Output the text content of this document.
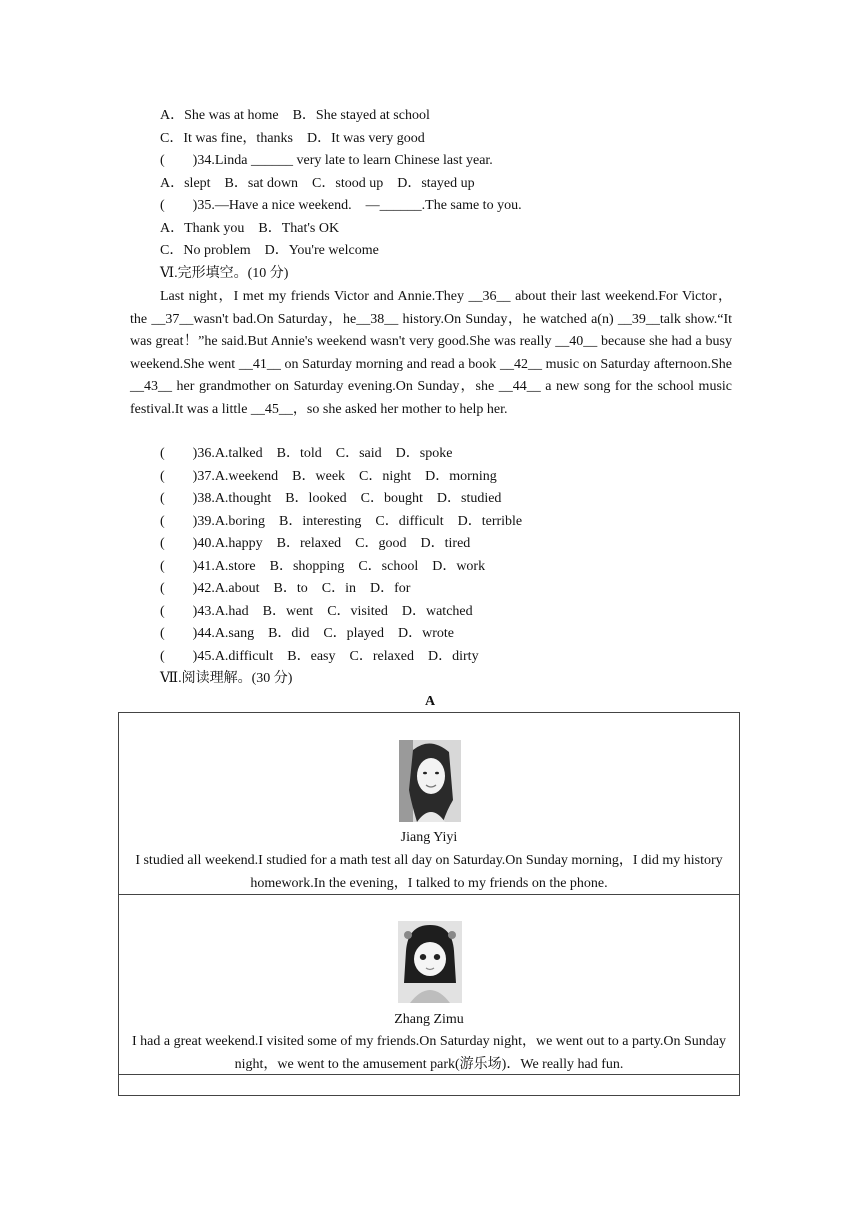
A．She was at home　B．She stayed at school
C．It was fine，thanks　D．It was very good
(　　)34.Linda ______ very late to learn Chinese last year.
A．slept　B．sat down　C．stood up　D．stayed up
(　　)35.—Have a nice weekend.　—______.The same to you.
A．Thank you　B．That's OK
C．No problem　D．You're welcome
Ⅵ.完形填空。(10 分)
Last night，I met my friends Victor and Annie.They __36__ about their last weekend.For Victor，the __37__wasn't bad.On Saturday，he__38__ history.On Sunday，he watched a(n) __39__talk show.“It was great！”he said.But Annie's weekend wasn't very good.She was really __40__ because she had a busy weekend.She went __41__ on Saturday morning and read a book __42__ music on Saturday afternoon.She __43__ her grandmother on Saturday evening.On Sunday，she __44__ a new song for the school music festival.It was a little __45__，so she asked her mother to help her.
(　　)36.A.talked　B．told　C．said　D．spoke
(　　)37.A.weekend　B．week　C．night　D．morning
(　　)38.A.thought　B．looked　C．bought　D．studied
(　　)39.A.boring　B．interesting　C．difficult　D．terrible
(　　)40.A.happy　B．relaxed　C．good　D．tired
(　　)41.A.store　B．shopping　C．school　D．work
(　　)42.A.about　B．to　C．in　D．for
(　　)43.A.had　B．went　C．visited　D．watched
(　　)44.A.sang　B．did　C．played　D．wrote
(　　)45.A.difficult　B．easy　C．relaxed　D．dirty
Ⅶ.阅读理解。(30 分)
A
Jiang Yiyi
I studied all weekend.I studied for a math test all day on Saturday.On Sunday morning，I did my history homework.In the evening，I talked to my friends on the phone.
Zhang Zimu
I had a great weekend.I visited some of my friends.On Saturday night，we went out to a party.On Sunday night，we went to the amusement park(游乐场)．We really had fun.
